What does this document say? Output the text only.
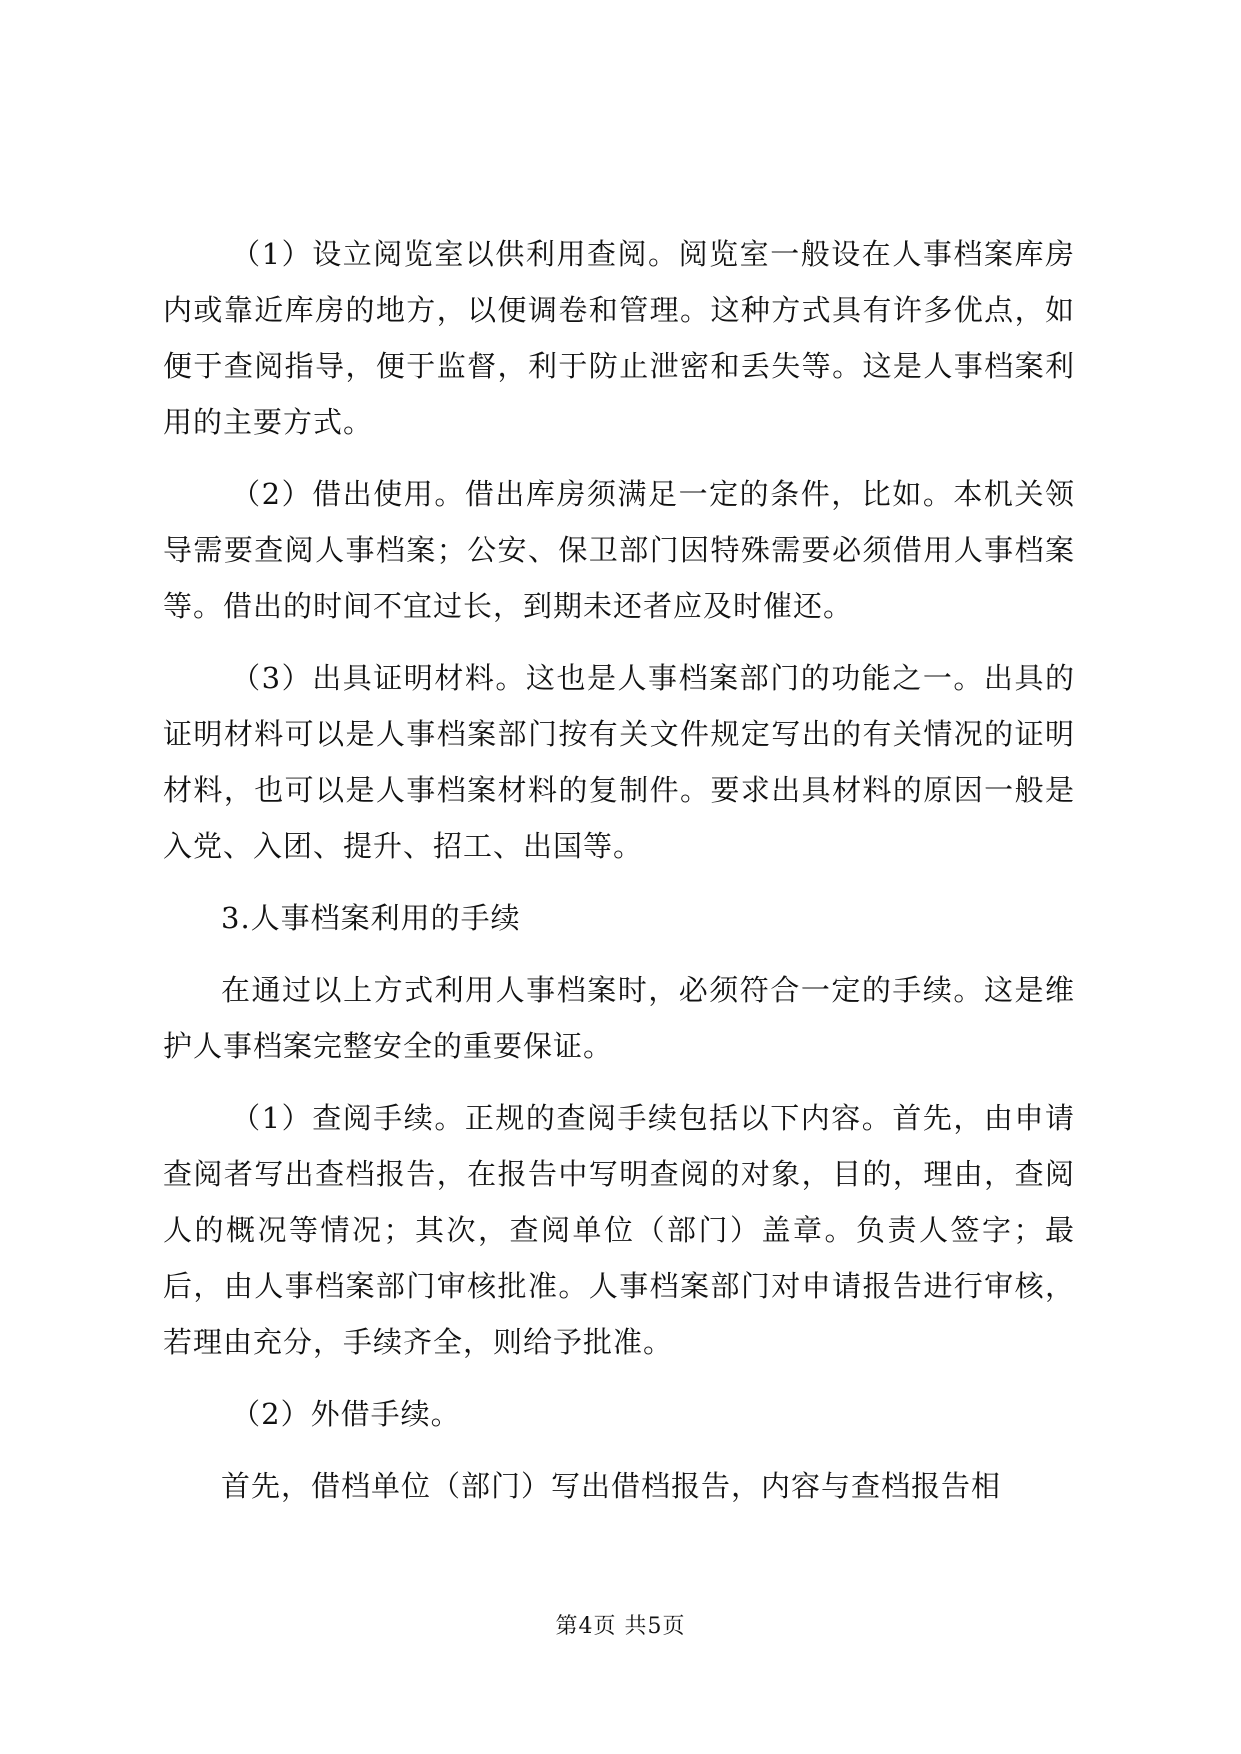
（1）设立阅览室以供利用查阅。阅览室一般设在人事档案库房内或靠近库房的地方，以便调卷和管理。这种方式具有许多优点，如便于查阅指导，便于监督，利于防止泄密和丢失等。这是人事档案利用的主要方式。

（2）借出使用。借出库房须满足一定的条件，比如。本机关领导需要查阅人事档案；公安、保卫部门因特殊需要必须借用人事档案等。借出的时间不宜过长，到期未还者应及时催还。

（3）出具证明材料。这也是人事档案部门的功能之一。出具的证明材料可以是人事档案部门按有关文件规定写出的有关情况的证明材料，也可以是人事档案材料的复制件。要求出具材料的原因一般是入党、入团、提升、招工、出国等。

3.人事档案利用的手续

在通过以上方式利用人事档案时，必须符合一定的手续。这是维护人事档案完整安全的重要保证。

（1）查阅手续。正规的查阅手续包括以下内容。首先，由申请查阅者写出查档报告，在报告中写明查阅的对象，目的，理由，查阅人的概况等情况；其次，查阅单位（部门）盖章。负责人签字；最后，由人事档案部门审核批准。人事档案部门对申请报告进行审核，若理由充分，手续齐全，则给予批准。

（2）外借手续。

首先，借档单位（部门）写出借档报告，内容与查档报告相

第4页 共5页
